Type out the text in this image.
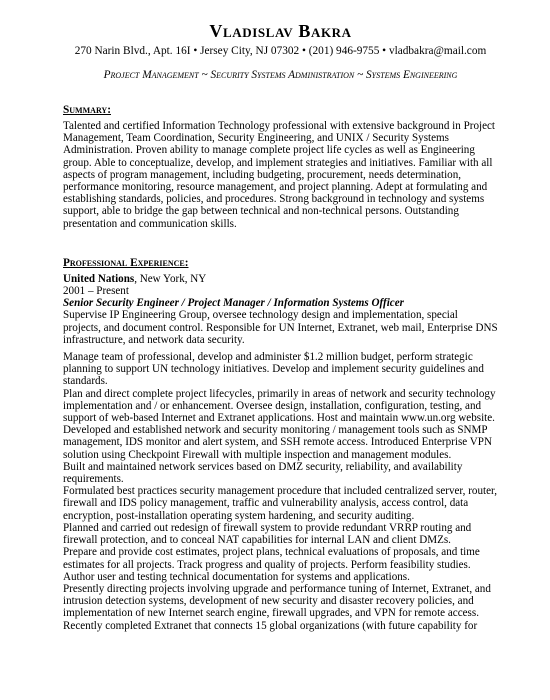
Vladislav Bakra
270 Narin Blvd., Apt. 16I • Jersey City, NJ 07302 • (201) 946-9755 • vladbakra@mail.com
Project Management ~ Security Systems Administration ~ Systems Engineering
Summary:

Talented and certified Information Technology professional with extensive background in Project Management, Team Coordination, Security Engineering, and UNIX / Security Systems Administration. Proven ability to manage complete project life cycles as well as Engineering group. Able to conceptualize, develop, and implement strategies and initiatives. Familiar with all aspects of program management, including budgeting, procurement, needs determination, performance monitoring, resource management, and project planning. Adept at formulating and establishing standards, policies, and procedures. Strong background in technology and systems support, able to bridge the gap between technical and non-technical persons. Outstanding presentation and communication skills.

Professional Experience:
United Nations, New York, NY
2001 – Present
Senior Security Engineer / Project Manager / Information Systems Officer

Supervise IP Engineering Group, oversee technology design and implementation, special projects, and document control. Responsible for UN Internet, Extranet, web mail, Enterprise DNS infrastructure, and network data security.

Manage team of professional, develop and administer $1.2 million budget, perform strategic planning to support UN technology initiatives. Develop and implement security guidelines and standards.

Plan and direct complete project lifecycles, primarily in areas of network and security technology implementation and / or enhancement. Oversee design, installation, configuration, testing, and support of web-based Internet and Extranet applications. Host and maintain www.un.org website.

Developed and established network and security monitoring / management tools such as SNMP management, IDS monitor and alert system, and SSH remote access. Introduced Enterprise VPN solution using Checkpoint Firewall with multiple inspection and management modules.

Built and maintained network services based on DMZ security, reliability, and availability requirements.

Formulated best practices security management procedure that included centralized server, router, firewall and IDS policy management, traffic and vulnerability analysis, access control, data encryption, post-installation operating system hardening, and security auditing.

Planned and carried out redesign of firewall system to provide redundant VRRP routing and firewall protection, and to conceal NAT capabilities for internal LAN and client DMZs.

Prepare and provide cost estimates, project plans, technical evaluations of proposals, and time estimates for all projects. Track progress and quality of projects. Perform feasibility studies.

Author user and testing technical documentation for systems and applications.

Presently directing projects involving upgrade and performance tuning of Internet, Extranet, and intrusion detection systems, development of new security and disaster recovery policies, and implementation of new Internet search engine, firewall upgrades, and VPN for remote access.

Recently completed Extranet that connects 15 global organizations (with future capability for
